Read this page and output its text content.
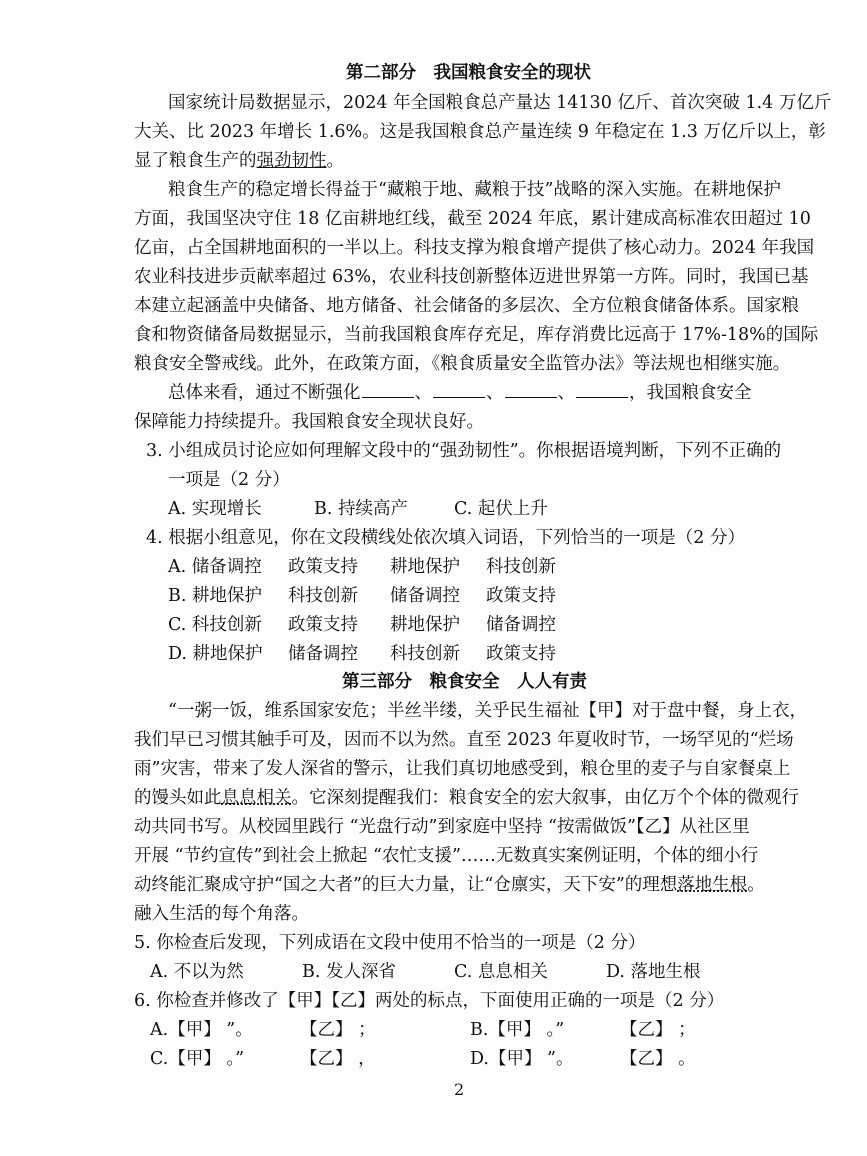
第二部分　我国粮食安全的现状
国家统计局数据显示，2024 年全国粮食总产量达 14130 亿斤、首次突破 1.4 万亿斤
大关、比 2023 年增长 1.6%。这是我国粮食总产量连续 9 年稳定在 1.3 万亿斤以上，彰
显了粮食生产的强劲韧性。
粮食生产的稳定增长得益于“藏粮于地、藏粮于技”战略的深入实施。在耕地保护
方面，我国坚决守住 18 亿亩耕地红线，截至 2024 年底，累计建成高标准农田超过 10
亿亩，占全国耕地面积的一半以上。科技支撑为粮食增产提供了核心动力。2024 年我国
农业科技进步贡献率超过 63%，农业科技创新整体迈进世界第一方阵。同时，我国已基
本建立起涵盖中央储备、地方储备、社会储备的多层次、全方位粮食储备体系。国家粮
食和物资储备局数据显示，当前我国粮食库存充足，库存消费比远高于 17%-18%的国际
粮食安全警戒线。此外，在政策方面，《粮食质量安全监管办法》等法规也相继实施。
总体来看，通过不断强化	、	、	、	，我国粮食安全
保障能力持续提升。我国粮食安全现状良好。
3. 小组成员讨论应如何理解文段中的“强劲韧性”。你根据语境判断，下列不正确的
一项是（2 分）
A. 实现增长	B. 持续高产	C. 起伏上升
4. 根据小组意见，你在文段横线处依次填入词语，下列恰当的一项是（2 分）
A. 储备调控 政策支持 耕地保护 科技创新
B. 耕地保护 科技创新 储备调控 政策支持
C. 科技创新 政策支持 耕地保护 储备调控
D. 耕地保护 储备调控 科技创新 政策支持
第三部分　粮食安全　人人有责
“一粥一饭，维系国家安危；半丝半缕，关乎民生福祉【甲】对于盘中餐，身上衣，
我们早已习惯其触手可及，因而不以为然。直至 2023 年夏收时节，一场罕见的“烂场
雨”灾害，带来了发人深省的警示，让我们真切地感受到，粮仓里的麦子与自家餐桌上
的馒头如此息息相关。它深刻提醒我们：粮食安全的宏大叙事，由亿万个个体的微观行
动共同书写。从校园里践行 “光盘行动”到家庭中坚持 “按需做饭”【乙】从社区里
开展 “节约宣传”到社会上掀起 “农忙支援”……无数真实案例证明，个体的细小行
动终能汇聚成守护“国之大者”的巨大力量，让“仓廪实，天下安”的理想落地生根。
融入生活的每个角落。
5. 你检查后发现，下列成语在文段中使用不恰当的一项是（2 分）
A. 不以为然	B. 发人深省	C. 息息相关	D. 落地生根
6. 你检查并修改了【甲】【乙】两处的标点，下面使用正确的一项是（2 分）
A.【甲】 ”。	【乙】 ；	B.【甲】 。”	【乙】 ；
C.【甲】 。”	【乙】 ，	D.【甲】 ”。	【乙】 。
2
